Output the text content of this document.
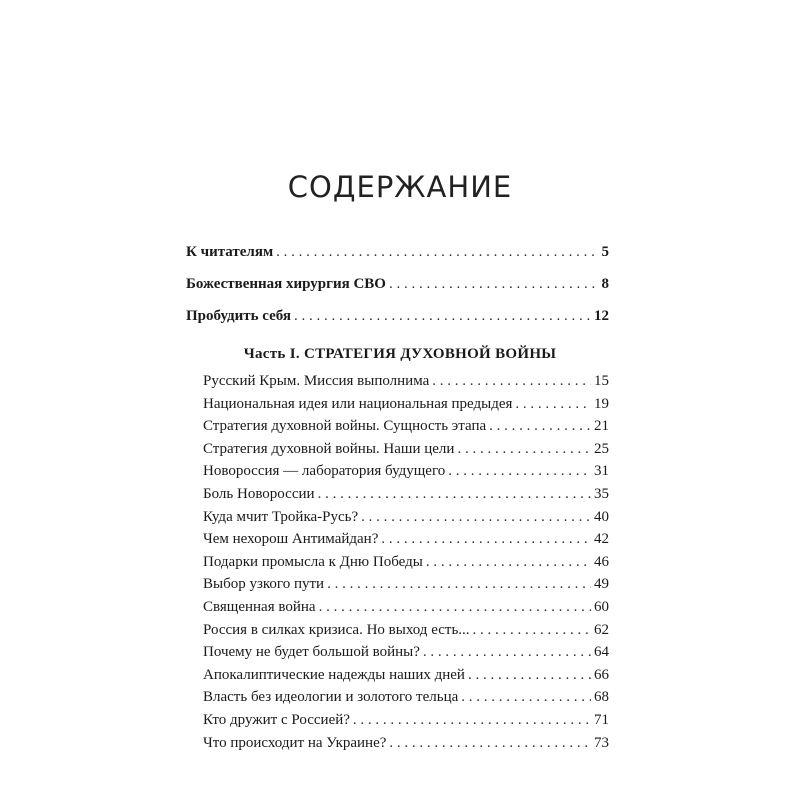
СОДЕРЖАНИЕ
К читателям . . .	5
Божественная хирургия СВО . . .	8
Пробудить себя . . .	12
Часть I. СТРАТЕГИЯ ДУХОВНОЙ ВОЙНЫ
Русский Крым. Миссия выполнима . . .	15
Национальная идея или национальная предыдея . . .	19
Стратегия духовной войны. Сущность этапа . . .	21
Стратегия духовной войны. Наши цели . . .	25
Новороссия — лаборатория будущего . . .	31
Боль Новороссии . . .	35
Куда мчит Тройка-Русь? . . .	40
Чем нехорош Антимайдан? . . .	42
Подарки промысла к Дню Победы . . .	46
Выбор узкого пути . . .	49
Священная война . . .	60
Россия в силках кризиса. Но выход есть... . . .	62
Почему не будет большой войны? . . .	64
Апокалиптические надежды наших дней . . .	66
Власть без идеологии и золотого тельца . . .	68
Кто дружит с Россией? . . .	71
Что происходит на Украине? . . .	73
